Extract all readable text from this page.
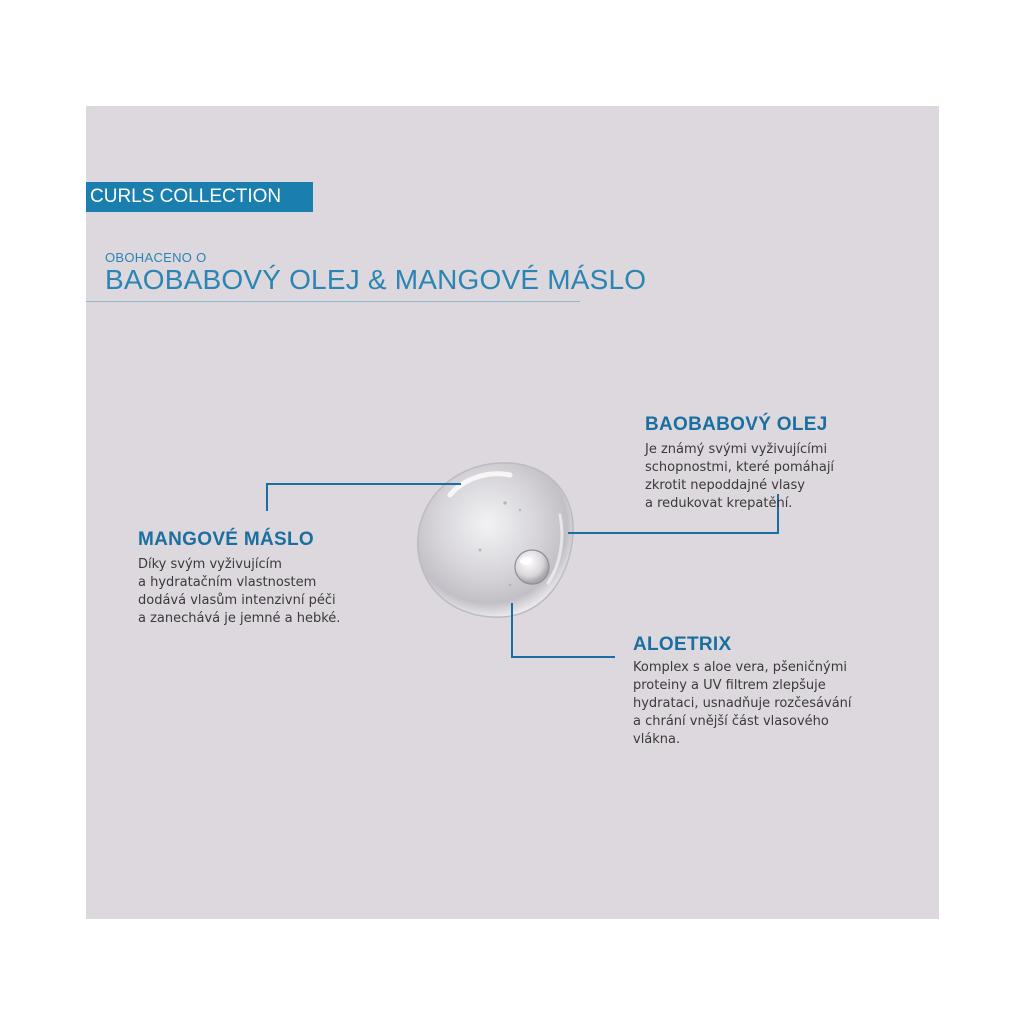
CURLS COLLECTION
OBOHACENO O
BAOBABOVÝ OLEJ & MANGOVÉ MÁSLO
BAOBABOVÝ OLEJ
Je známý svými vyživujícími
schopnostmi, které pomáhají
zkrotit nepoddajné vlasy
a redukovat krepatění.
MANGOVÉ MÁSLO
Díky svým vyživujícím
a hydratačním vlastnostem
dodává vlasům intenzivní péči
a zanechává je jemné a hebké.
ALOETRIX
Komplex s aloe vera, pšeničnými
proteiny a UV filtrem zlepšuje
hydrataci, usnadňuje rozčesávání
a chrání vnější část vlasového
vlákna.
